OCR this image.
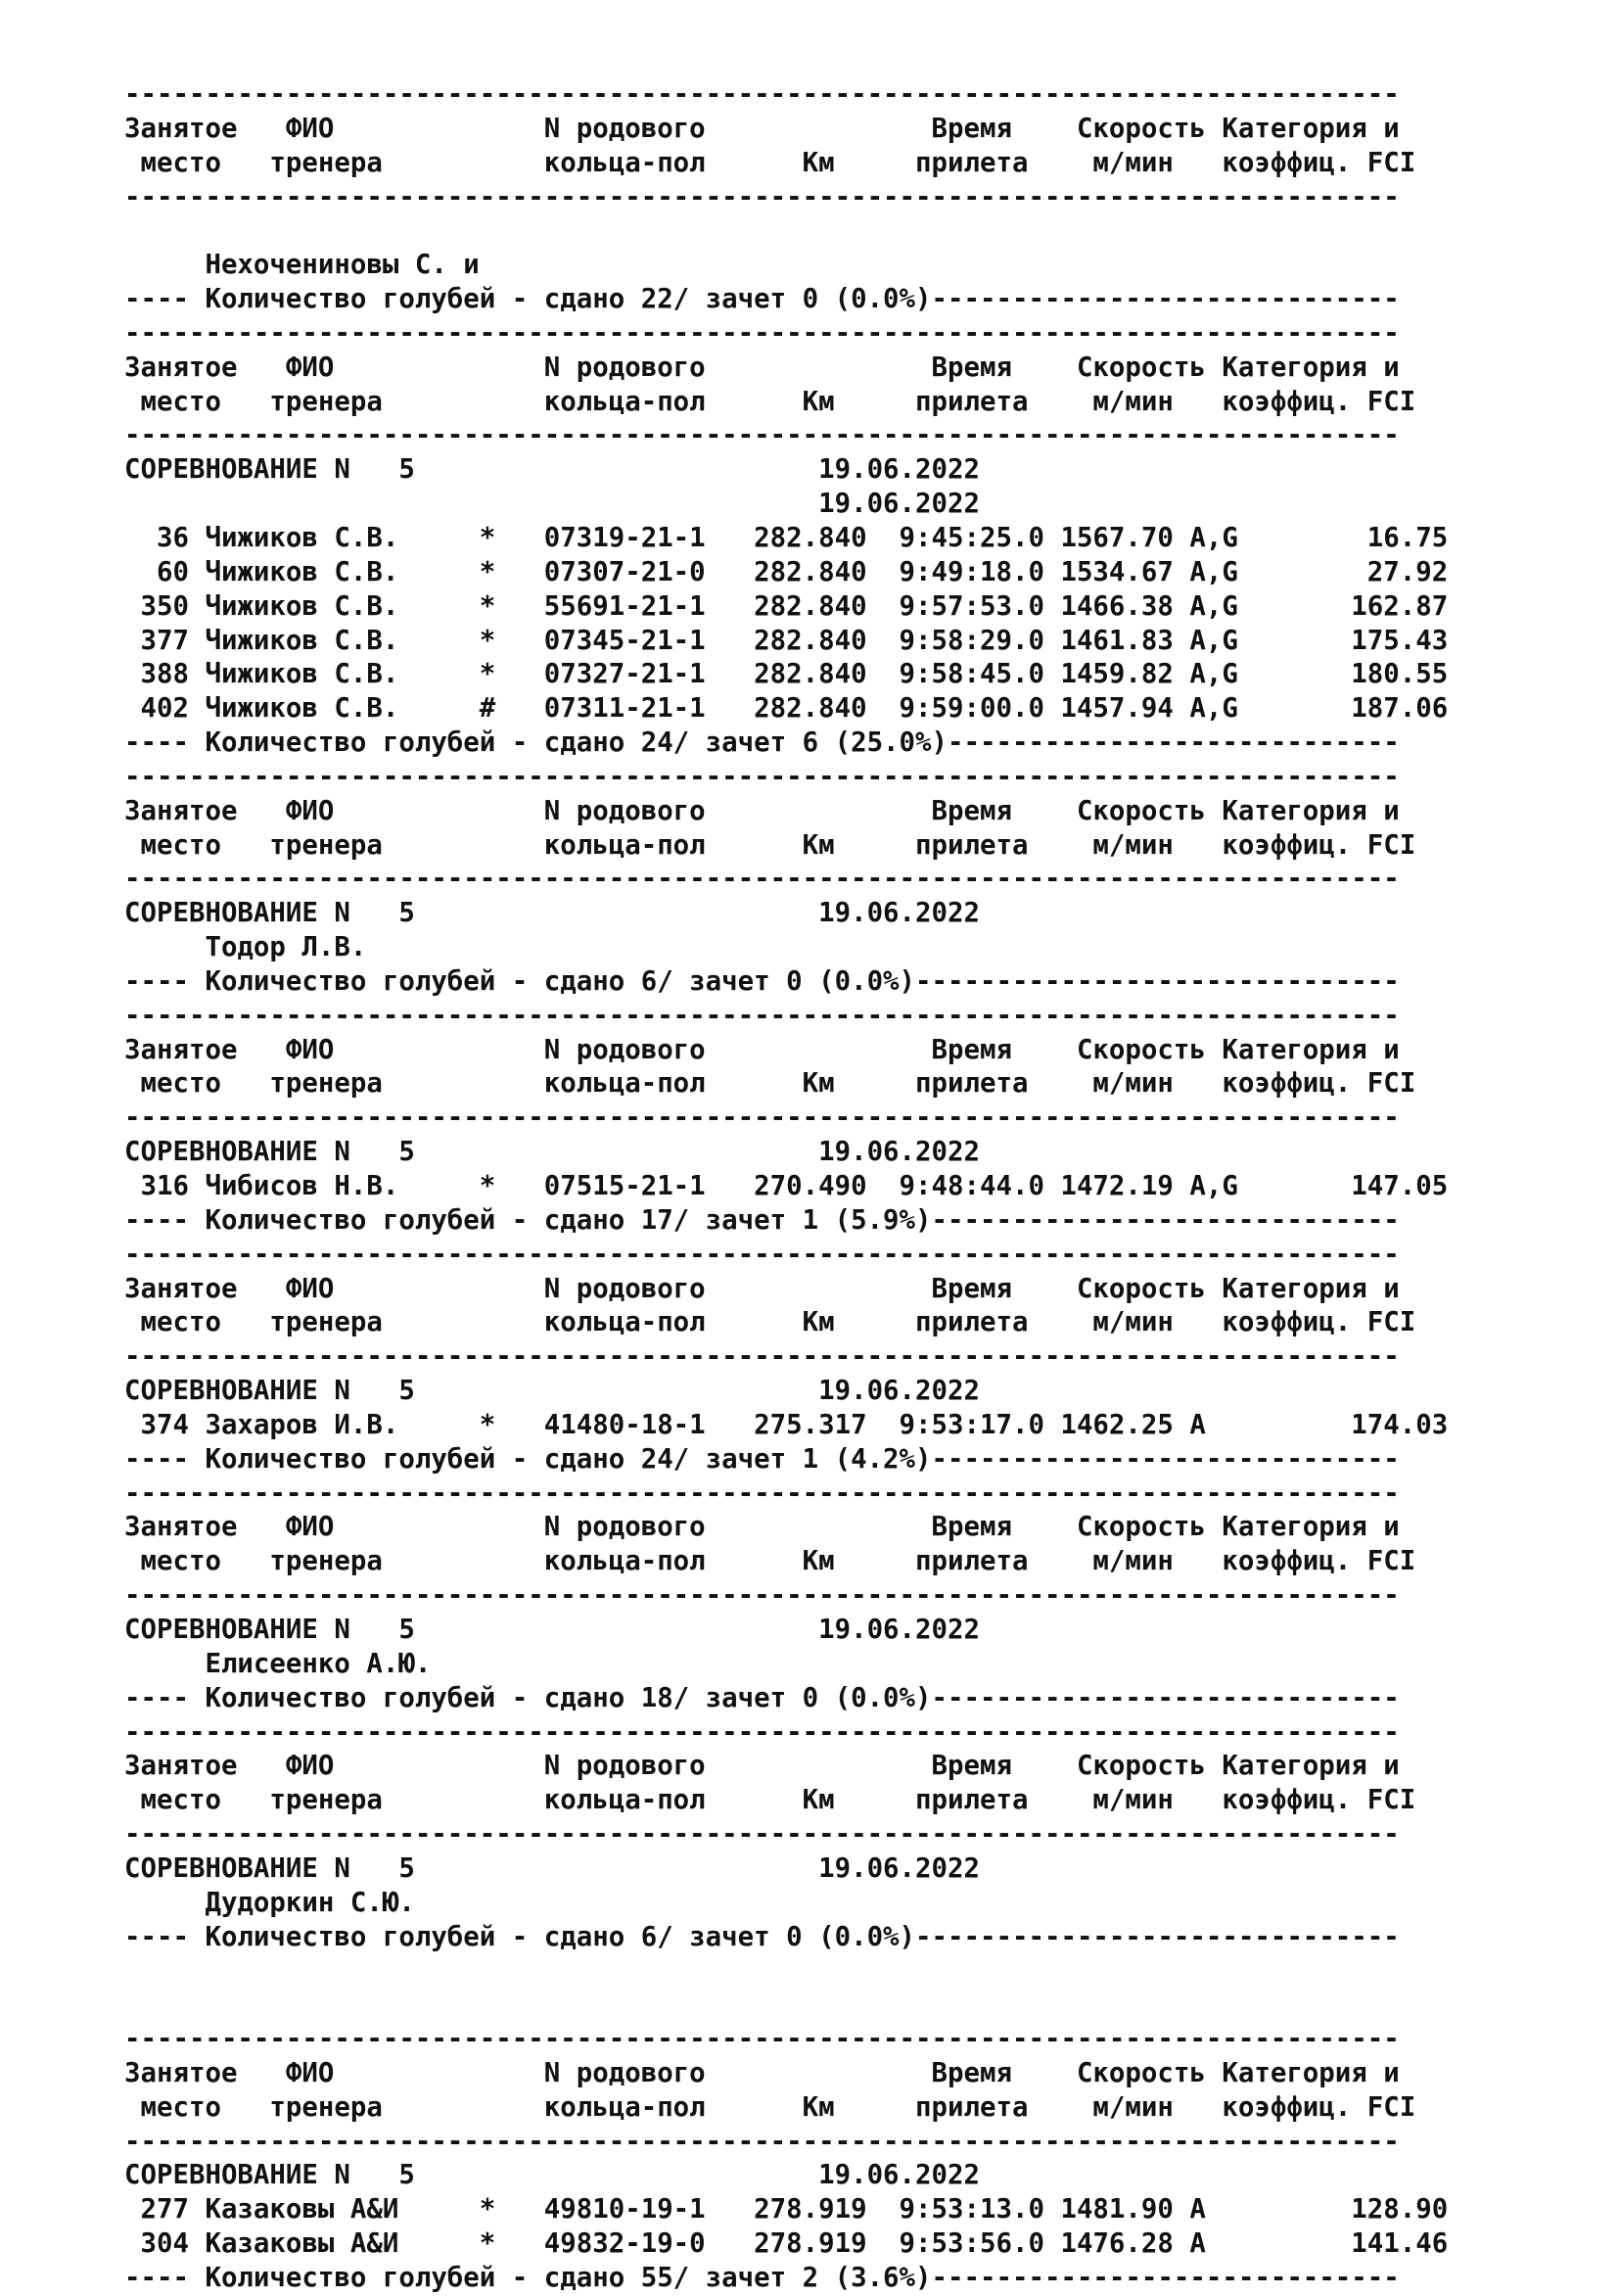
-------------------------------------------------------------------------------
Занятое   ФИО             N родового              Время    Скорость Категория и
место   тренера          кольца-пол      Км     прилета    м/мин   коэффиц. FCI
-------------------------------------------------------------------------------
Нехочениновы С. и
---- Количество голубей - сдано 22/ зачет 0 (0.0%)-----------------------------
-------------------------------------------------------------------------------
Занятое   ФИО             N родового              Время    Скорость Категория и
место   тренера          кольца-пол      Км     прилета    м/мин   коэффиц. FCI
-------------------------------------------------------------------------------
СОРЕВНОВАНИЕ N   5                         19.06.2022
19.06.2022
36 Чижиков С.В.     *   07319-21-1   282.840  9:45:25.0 1567.70 A,G        16.75
60 Чижиков С.В.     *   07307-21-0   282.840  9:49:18.0 1534.67 A,G        27.92
350 Чижиков С.В.     *   55691-21-1   282.840  9:57:53.0 1466.38 A,G       162.87
377 Чижиков С.В.     *   07345-21-1   282.840  9:58:29.0 1461.83 A,G       175.43
388 Чижиков С.В.     *   07327-21-1   282.840  9:58:45.0 1459.82 A,G       180.55
402 Чижиков С.В.     #   07311-21-1   282.840  9:59:00.0 1457.94 A,G       187.06
---- Количество голубей - сдано 24/ зачет 6 (25.0%)----------------------------
-------------------------------------------------------------------------------
Занятое   ФИО             N родового              Время    Скорость Категория и
место   тренера          кольца-пол      Км     прилета    м/мин   коэффиц. FCI
-------------------------------------------------------------------------------
СОРЕВНОВАНИЕ N   5                         19.06.2022
Тодор Л.В.
---- Количество голубей - сдано 6/ зачет 0 (0.0%)------------------------------
-------------------------------------------------------------------------------
Занятое   ФИО             N родового              Время    Скорость Категория и
место   тренера          кольца-пол      Км     прилета    м/мин   коэффиц. FCI
-------------------------------------------------------------------------------
СОРЕВНОВАНИЕ N   5                         19.06.2022
316 Чибисов Н.В.     *   07515-21-1   270.490  9:48:44.0 1472.19 A,G       147.05
---- Количество голубей - сдано 17/ зачет 1 (5.9%)-----------------------------
-------------------------------------------------------------------------------
Занятое   ФИО             N родового              Время    Скорость Категория и
место   тренера          кольца-пол      Км     прилета    м/мин   коэффиц. FCI
-------------------------------------------------------------------------------
СОРЕВНОВАНИЕ N   5                         19.06.2022
374 Захаров И.В.     *   41480-18-1   275.317  9:53:17.0 1462.25 A         174.03
---- Количество голубей - сдано 24/ зачет 1 (4.2%)-----------------------------
-------------------------------------------------------------------------------
Занятое   ФИО             N родового              Время    Скорость Категория и
место   тренера          кольца-пол      Км     прилета    м/мин   коэффиц. FCI
-------------------------------------------------------------------------------
СОРЕВНОВАНИЕ N   5                         19.06.2022
Елисеенко А.Ю.
---- Количество голубей - сдано 18/ зачет 0 (0.0%)-----------------------------
-------------------------------------------------------------------------------
Занятое   ФИО             N родового              Время    Скорость Категория и
место   тренера          кольца-пол      Км     прилета    м/мин   коэффиц. FCI
-------------------------------------------------------------------------------
СОРЕВНОВАНИЕ N   5                         19.06.2022
Дудоркин С.Ю.
---- Количество голубей - сдано 6/ зачет 0 (0.0%)------------------------------
-------------------------------------------------------------------------------
Занятое   ФИО             N родового              Время    Скорость Категория и
место   тренера          кольца-пол      Км     прилета    м/мин   коэффиц. FCI
-------------------------------------------------------------------------------
СОРЕВНОВАНИЕ N   5                         19.06.2022
277 Казаковы А&И     *   49810-19-1   278.919  9:53:13.0 1481.90 A         128.90
304 Казаковы А&И     *   49832-19-0   278.919  9:53:56.0 1476.28 A         141.46
---- Количество голубей - сдано 55/ зачет 2 (3.6%)-----------------------------
